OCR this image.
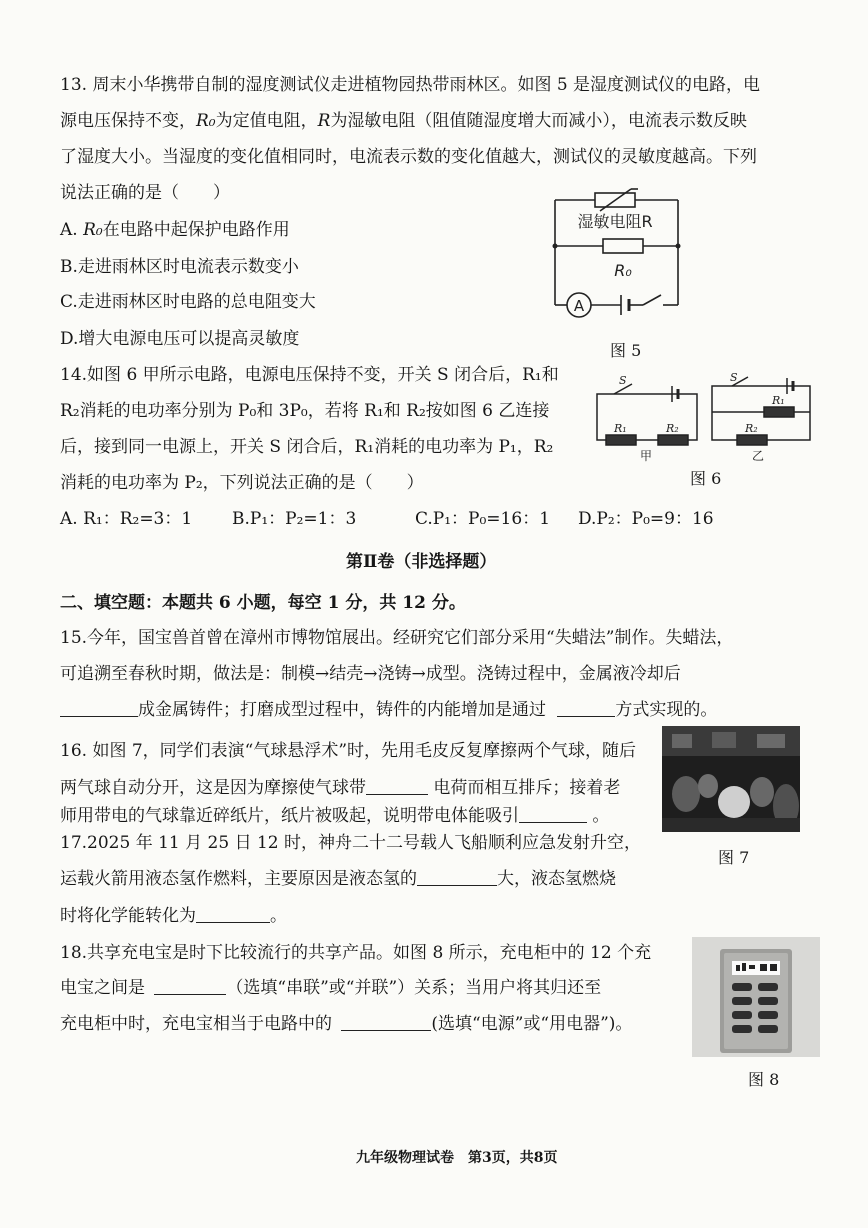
13. 周末小华携带自制的湿度测试仪走进植物园热带雨林区。如图 5 是湿度测试仪的电路，电
源电压保持不变，R₀为定值电阻，R为湿敏电阻（阻值随湿度增大而减小），电流表示数反映
了湿度大小。当湿度的变化值相同时，电流表示数的变化值越大，测试仪的灵敏度越高。下列
说法正确的是（　　）
A. R₀在电路中起保护电路作用
B.走进雨林区时电流表示数变小
C.走进雨林区时电路的总电阻变大
D.增大电源电压可以提高灵敏度
A
湿敏电阻R
R₀
图 5
14.如图 6 甲所示电路，电源电压保持不变，开关 S 闭合后，R₁和
R₂消耗的电功率分别为 P₀和 3P₀，若将 R₁和 R₂按如图 6 乙连接
后，接到同一电源上，开关 S 闭合后，R₁消耗的电功率为 P₁，R₂
消耗的电功率为 P₂，下列说法正确的是（　　）
A. R₁：R₂=3：1 B.P₁：P₂=1：3	C.P₁：P₀=16：1 D.P₂：P₀=9：16
S
R₁	R₂
S
R₁
R₂
甲	乙
图 6
第Ⅱ卷（非选择题）
二、填空题：本题共 6 小题，每空 1 分，共 12 分。
15.今年，国宝兽首曾在漳州市博物馆展出。经研究它们部分采用“失蜡法”制作。失蜡法，
可追溯至春秋时期，做法是：制模→结壳→浇铸→成型。浇铸过程中，金属液冷却后
成金属铸件；打磨成型过程中，铸件的内能增加是通过	方式实现的。
16. 如图 7，同学们表演“气球悬浮术”时，先用毛皮反复摩擦两个气球，随后
两气球自动分开，这是因为摩擦使气球带	电荷而相互排斥；接着老
师用带电的气球靠近碎纸片，纸片被吸起，说明带电体能吸引	。
图 7
17.2025 年 11 月 25 日 12 时，神舟二十二号载人飞船顺利应急发射升空，
运载火箭用液态氢作燃料，主要原因是液态氢的	大，液态氢燃烧
时将化学能转化为	。
18.共享充电宝是时下比较流行的共享产品。如图 8 所示，充电柜中的 12 个充
电宝之间是	（选填“串联”或“并联”）关系；当用户将其归还至
充电柜中时，充电宝相当于电路中的	(选填“电源”或“用电器”)。
图 8
九年级物理试卷　第3页，共8页
